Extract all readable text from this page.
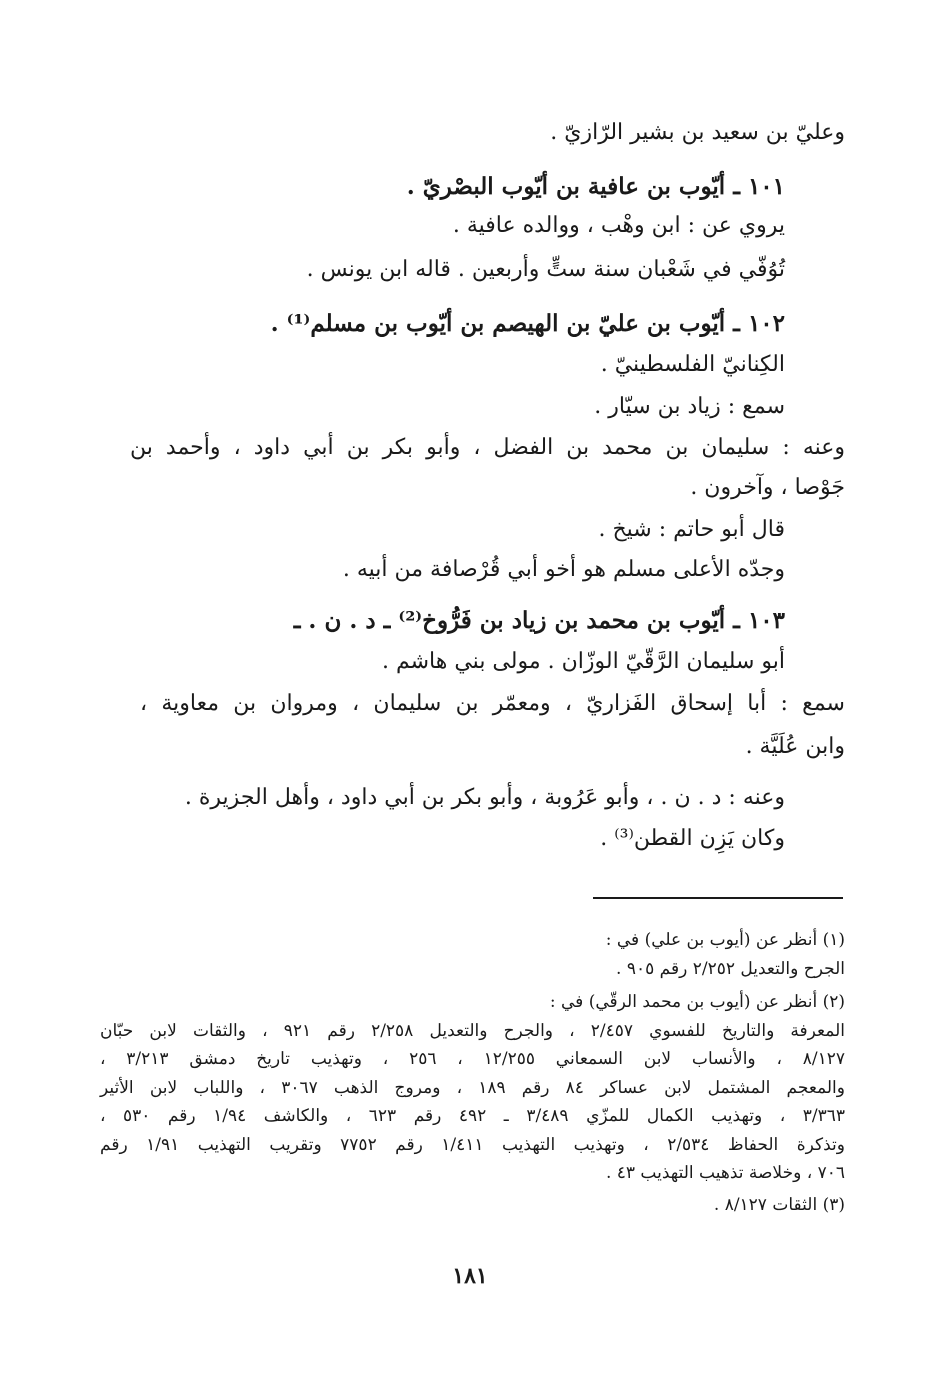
وعليّ بن سعيد بن بشير الرّازيّ .
١٠١ ـ أيّوب بن عافية بن أيّوب البصْريّ .
يروي عن : ابن وهْب ، ووالده عافية .
تُوُفّي في شَعْبان سنة ستٍّ وأربعين . قاله ابن يونس .
١٠٢ ـ أيّوب بن عليّ بن الهيصم بن أيّوب بن مسلم⁽¹⁾ .
الكِنانيّ الفلسطينيّ .
سمع : زياد بن سيّار .
وعنه : سليمان بن محمد بن الفضل ، وأبو بكر بن أبي داود ، وأحمد بن
جَوْصا ، وآخرون .
قال أبو حاتم : شيخ .
وجدّه الأعلى مسلم هو أخو أبي قُرْصافة من أبيه .
١٠٣ ـ أيّوب بن محمد بن زياد بن فَرُّوخ⁽²⁾ ـ د . ن . ـ
أبو سليمان الرَّقّيّ الوزّان . مولى بني هاشم .
سمع : أبا إسحاق الفَزاريّ ، ومعمّر بن سليمان ، ومروان بن معاوية ،
وابن عُلَيَّة .
وعنه : د . ن . ، وأبو عَرُوبة ، وأبو بكر بن أبي داود ، وأهل الجزيرة .
وكان يَزِن القطن⁽³⁾ .
(١) أنظر عن (أيوب بن علي) في :
الجرح والتعديل ٢/٢٥٢ رقم ٩٠٥ .
(٢) أنظر عن (أيوب بن محمد الرقّي) في :
المعرفة والتاريخ للفسوي ٢/٤٥٧ ، والجرح والتعديل ٢/٢٥٨ رقم ٩٢١ ، والثقات لابن حبّان
٨/١٢٧ ، والأنساب لابن السمعاني ١٢/٢٥٥ ، ٢٥٦ ، وتهذيب تاريخ دمشق ٣/٢١٣ ،
والمعجم المشتمل لابن عساكر ٨٤ رقم ١٨٩ ، ومروج الذهب ٣٠٦٧ ، واللباب لابن الأثير
٣/٣٦٣ ، وتهذيب الكمال للمزّي ٣/٤٨٩ ـ ٤٩٢ رقم ٦٢٣ ، والكاشف ١/٩٤ رقم ٥٣٠ ،
وتذكرة الحفاظ ٢/٥٣٤ ، وتهذيب التهذيب ١/٤١١ رقم ٧٧٥٢ وتقريب التهذيب ١/٩١ رقم
٧٠٦ ، وخلاصة تذهيب التهذيب ٤٣ .
(٣) الثقات ٨/١٢٧ .
١٨١
